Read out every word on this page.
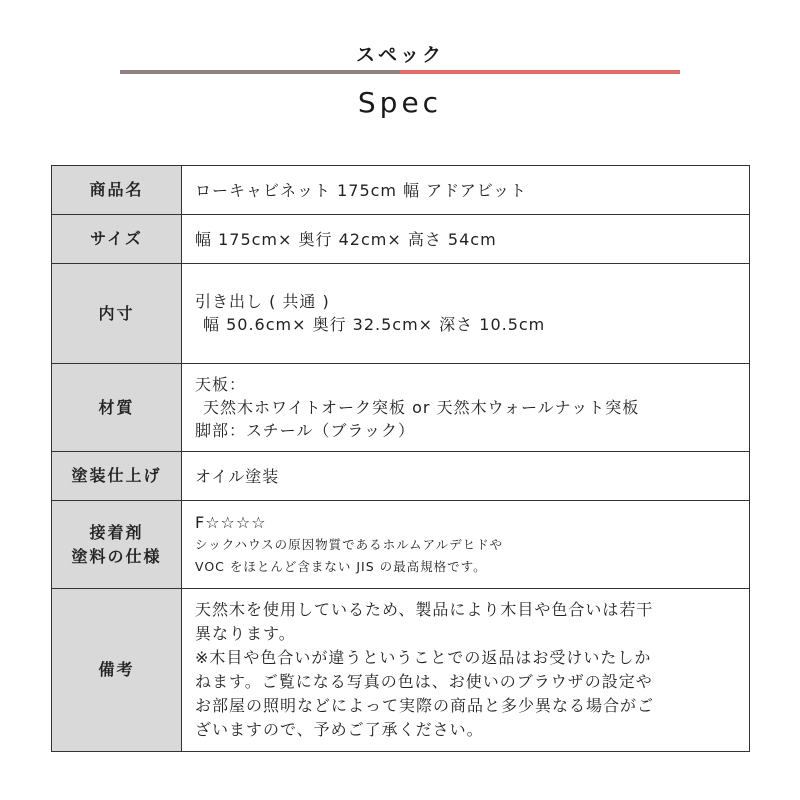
スペック
Spec
商品名	ローキャビネット 175cm 幅 アドアビット

サイズ	幅 175cm× 奥行 42cm× 高さ 54cm

内寸	引き出し ( 共通 )
幅 50.6cm× 奥行 32.5cm× 深さ 10.5cm

材質	天板：
天然木ホワイトオーク突板 or 天然木ウォールナット突板
脚部：スチール（ブラック）

塗装仕上げ	オイル塗装

接着剤
塗料の仕様	F☆☆☆☆
シックハウスの原因物質であるホルムアルデヒドや
VOC をほとんど含まない JIS の最高規格です。

備考	
天然木を使用しているため、製品により木目や色合いは若干
異なります。
※木目や色合いが違うということでの返品はお受けいたしか
ねます。ご覧になる写真の色は、お使いのブラウザの設定や
お部屋の照明などによって実際の商品と多少異なる場合がご
ざいますので、予めご了承ください。
